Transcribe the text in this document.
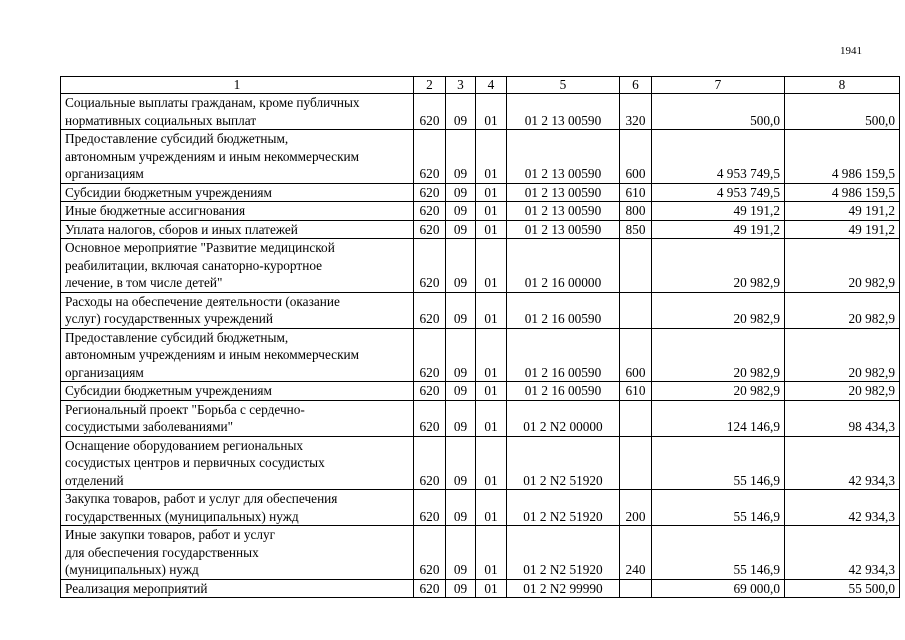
1941
1	2	3	4	5	6	7	8
Социальные выплаты гражданам, кроме публичных
нормативных социальных выплат	620	09	01	01 2 13 00590	320	500,0	500,0
Предоставление субсидий бюджетным,
автономным учреждениям и иным некоммерческим
организациям	620	09	01	01 2 13 00590	600	4 953 749,5	4 986 159,5
Субсидии бюджетным учреждениям	620	09	01	01 2 13 00590	610	4 953 749,5	4 986 159,5
Иные бюджетные ассигнования	620	09	01	01 2 13 00590	800	49 191,2	49 191,2
Уплата налогов, сборов и иных платежей	620	09	01	01 2 13 00590	850	49 191,2	49 191,2
Основное мероприятие "Развитие медицинской
реабилитации, включая санаторно-курортное
лечение, в том числе детей"	620	09	01	01 2 16 00000		20 982,9	20 982,9
Расходы на обеспечение деятельности (оказание
услуг) государственных учреждений	620	09	01	01 2 16 00590		20 982,9	20 982,9
Предоставление субсидий бюджетным,
автономным учреждениям и иным некоммерческим
организациям	620	09	01	01 2 16 00590	600	20 982,9	20 982,9
Субсидии бюджетным учреждениям	620	09	01	01 2 16 00590	610	20 982,9	20 982,9
Региональный проект "Борьба с сердечно-
сосудистыми заболеваниями"	620	09	01	01 2 N2 00000		124 146,9	98 434,3
Оснащение оборудованием региональных
сосудистых центров и первичных сосудистых
отделений	620	09	01	01 2 N2 51920		55 146,9	42 934,3
Закупка товаров, работ и услуг для обеспечения
государственных (муниципальных) нужд	620	09	01	01 2 N2 51920	200	55 146,9	42 934,3
Иные закупки товаров, работ и услуг
для обеспечения государственных
(муниципальных) нужд	620	09	01	01 2 N2 51920	240	55 146,9	42 934,3
Реализация мероприятий	620	09	01	01 2 N2 99990		69 000,0	55 500,0
